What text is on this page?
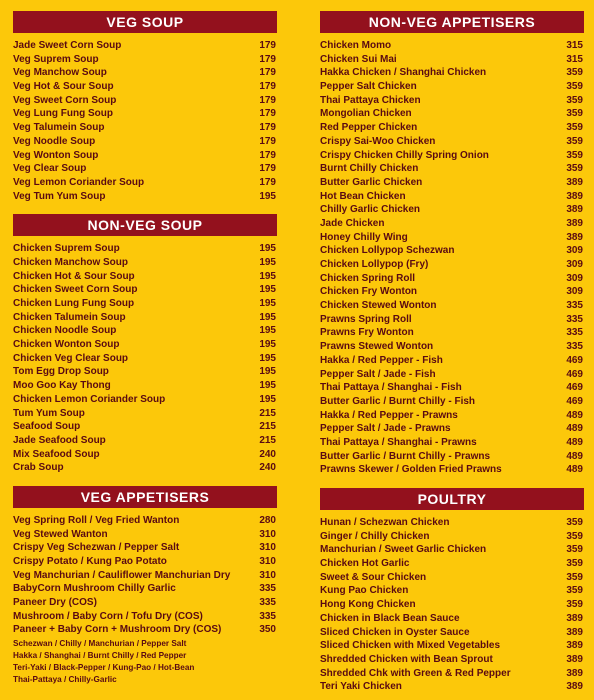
VEG SOUP
Jade Sweet Corn Soup	179
Veg Suprem Soup	179
Veg Manchow Soup	179
Veg Hot & Sour Soup	179
Veg Sweet Corn Soup	179
Veg Lung Fung Soup	179
Veg Talumein Soup	179
Veg Noodle Soup	179
Veg Wonton Soup	179
Veg Clear Soup	179
Veg Lemon Coriander Soup	179
Veg Tum Yum Soup	195
NON-VEG SOUP
Chicken Suprem Soup	195
Chicken Manchow Soup	195
Chicken Hot & Sour Soup	195
Chicken Sweet Corn Soup	195
Chicken Lung Fung Soup	195
Chicken Talumein Soup	195
Chicken Noodle Soup	195
Chicken Wonton Soup	195
Chicken Veg Clear Soup	195
Tom Egg Drop Soup	195
Moo Goo Kay Thong	195
Chicken Lemon Coriander Soup	195
Tum Yum Soup	215
Seafood Soup	215
Jade Seafood Soup	215
Mix Seafood Soup	240
Crab Soup	240
VEG APPETISERS
Veg Spring Roll / Veg Fried Wanton	280
Veg Stewed Wanton	310
Crispy Veg Schezwan / Pepper Salt	310
Crispy Potato / Kung Pao Potato	310
Veg Manchurian / Cauliflower Manchurian Dry	310
BabyCorn Mushroom Chilly Garlic	335
Paneer Dry (COS)	335
Mushroom / Baby Corn / Tofu Dry (COS)	335
Paneer + Baby Corn + Mushroom Dry (COS)	350
Schezwan / Chilly / Manchurian / Pepper Salt
Hakka / Shanghai / Burnt Chilly / Red Pepper
Teri-Yaki / Black-Pepper / Kung-Pao / Hot-Bean
Thai-Pattaya / Chilly-Garlic
NON-VEG APPETISERS
Chicken Momo	315
Chicken Sui Mai	315
Hakka Chicken / Shanghai Chicken	359
Pepper Salt Chicken	359
Thai Pattaya Chicken	359
Mongolian Chicken	359
Red Pepper Chicken	359
Crispy Sai-Woo Chicken	359
Crispy Chicken Chilly Spring Onion	359
Burnt Chilly Chicken	359
Butter Garlic Chicken	389
Hot Bean Chicken	389
Chilly Garlic Chicken	389
Jade Chicken	389
Honey Chilly Wing	389
Chicken Lollypop Schezwan	309
Chicken Lollypop (Fry)	309
Chicken Spring Roll	309
Chicken Fry Wonton	309
Chicken Stewed Wonton	335
Prawns Spring Roll	335
Prawns Fry Wonton	335
Prawns Stewed Wonton	335
Hakka / Red Pepper - Fish	469
Pepper Salt / Jade - Fish	469
Thai Pattaya / Shanghai - Fish	469
Butter Garlic / Burnt Chilly - Fish	469
Hakka / Red Pepper - Prawns	489
Pepper Salt / Jade - Prawns	489
Thai Pattaya / Shanghai - Prawns	489
Butter Garlic / Burnt Chilly - Prawns	489
Prawns Skewer / Golden Fried Prawns	489
POULTRY
Hunan / Schezwan Chicken	359
Ginger / Chilly Chicken	359
Manchurian / Sweet Garlic Chicken	359
Chicken Hot Garlic	359
Sweet & Sour Chicken	359
Kung Pao Chicken	359
Hong Kong Chicken	359
Chicken in Black Bean Sauce	389
Sliced Chicken in Oyster Sauce	389
Sliced Chicken with Mixed Vegetables	389
Shredded Chicken with Bean Sprout	389
Shredded Chk with Green & Red Pepper	389
Teri Yaki Chicken	389
